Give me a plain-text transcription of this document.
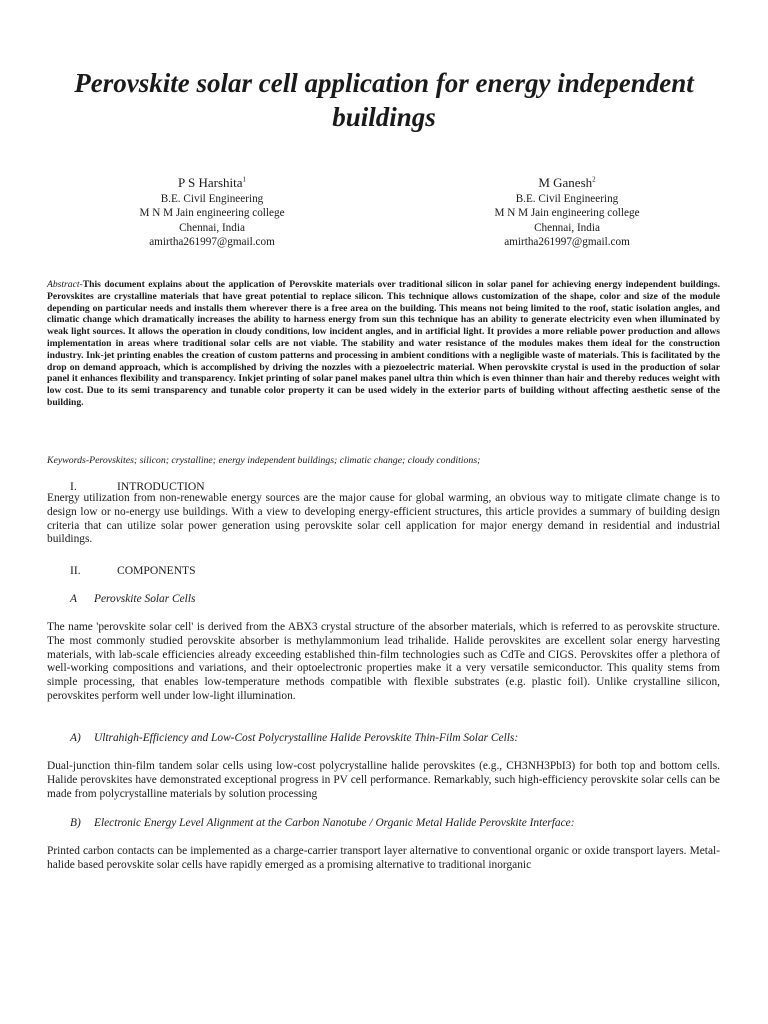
Perovskite solar cell application for energy independent buildings
P S Harshita$^1$
B.E. Civil Engineering
M N M Jain engineering college
Chennai, India
amirtha261997@gmail.com
M Ganesh$^2$
B.E. Civil Engineering
M N M Jain engineering college
Chennai, India
amirtha261997@gmail.com
Abstract-This document explains about the application of Perovskite materials over traditional silicon in solar panel for achieving energy independent buildings. Perovskites are crystalline materials that have great potential to replace silicon. This technique allows customization of the shape, color and size of the module depending on particular needs and installs them wherever there is a free area on the building. This means not being limited to the roof, static isolation angles, and climatic change which dramatically increases the ability to harness energy from sun this technique has an ability to generate electricity even when illuminated by weak light sources. It allows the operation in cloudy conditions, low incident angles, and in artificial light. It provides a more reliable power production and allows implementation in areas where traditional solar cells are not viable. The stability and water resistance of the modules makes them ideal for the construction industry. Ink-jet printing enables the creation of custom patterns and processing in ambient conditions with a negligible waste of materials. This is facilitated by the drop on demand approach, which is accomplished by driving the nozzles with a piezoelectric material. When perovskite crystal is used in the production of solar panel it enhances flexibility and transparency. Inkjet printing of solar panel makes panel ultra thin which is even thinner than hair and thereby reduces weight with low cost. Due to its semi transparency and tunable color property it can be used widely in the exterior parts of building without affecting aesthetic sense of the building.
Keywords-Perovskites; silicon; crystalline; energy independent buildings; climatic change; cloudy conditions;
I.	INTRODUCTION
Energy utilization from non-renewable energy sources are the major cause for global warming, an obvious way to mitigate climate change is to design low or no-energy use buildings. With a view to developing energy-efficient structures, this article provides a summary of building design criteria that can utilize solar power generation using perovskite solar cell application for major energy demand in residential and industrial buildings.
II.	COMPONENTS
A Perovskite Solar Cells
The name 'perovskite solar cell' is derived from the ABX3 crystal structure of the absorber materials, which is referred to as perovskite structure. The most commonly studied perovskite absorber is methylammonium lead trihalide. Halide perovskites are excellent solar energy harvesting materials, with lab-scale efficiencies already exceeding established thin-film technologies such as CdTe and CIGS. Perovskites offer a plethora of well-working compositions and variations, and their optoelectronic properties make it a very versatile semiconductor. This quality stems from simple processing, that enables low-temperature methods compatible with flexible substrates (e.g. plastic foil). Unlike crystalline silicon, perovskites perform well under low-light illumination.
A) Ultrahigh-Efficiency and Low-Cost Polycrystalline Halide Perovskite Thin-Film Solar Cells:
Dual-junction thin-film tandem solar cells using low-cost polycrystalline halide perovskites (e.g., CH3NH3PbI3) for both top and bottom cells. Halide perovskites have demonstrated exceptional progress in PV cell performance. Remarkably, such high-efficiency perovskite solar cells can be made from polycrystalline materials by solution processing
B) Electronic Energy Level Alignment at the Carbon Nanotube / Organic Metal Halide Perovskite Interface:
Printed carbon contacts can be implemented as a charge-carrier transport layer alternative to conventional organic or oxide transport layers. Metal-halide based perovskite solar cells have rapidly emerged as a promising alternative to traditional inorganic
